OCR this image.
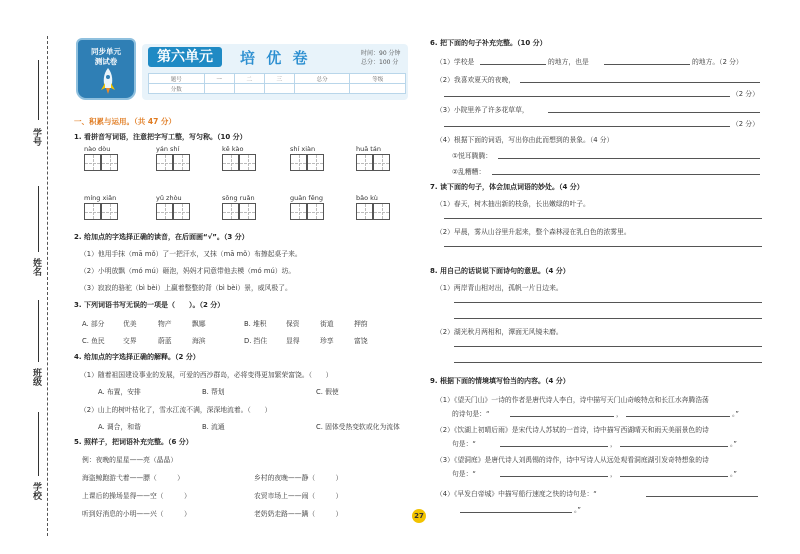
学号
姓名
班级
学校
同步单元
测试卷	第六单元	培 优 卷	时间：90 分钟
总分：100 分
题号	一	二	三	总分	等级
分数					
一、积累与运用。（共 47 分）
1. 看拼音写词语，注意把字写工整，写匀称。（10 分）
nào dòu	yán shí	kē kào	shí xiàn	huā tán
míng xiǎn	yǔ zhòu	sōng ruǎn	guān fēng	bǎo kù
2. 给加点的字选择正确的读音，在后面画“√”。（3 分）
（1）他用手抹（mā mǒ）了一把汗水，又抹（mā mǒ）布擦起桌子来。
（2）小明放飘（mó mú）砸泡，妈妈才同意带他去模（mó mú）坊。
（3）寂寂的骆驼（bì bèi）上赢着整整的背（bì bèi）景，威风极了。
3. 下列词语书写无误的一项是（　　）。（2 分）
A. 部分	优美	物产	飘娜	B. 堆积	保资	街道	押韵
C. 鱼民	交界	蔚蓝	海滨	D. 挡住	显得	珍享	富饶
4. 给加点的字选择正确的解释。（2 分）
（1）随着祖国建设事业的发展，可爱的西沙群岛，必将变得更加繁荣富饶。（　　）
A. 布置，安排	B. 帮划	C. 假使
（2）山上的树叶枯化了，雪水江流不满，深深地流着。（　　）
A. 调合，和谐	B. 流通	C. 固体受热变软或化为流体
5. 照样子，把词语补充完整。（6 分）
例：夜晚的星星——亮（晶晶）
海盗鲸跑游弋着——膘（　　　）	乡村的夜晚——静（　　　）
上课后的操场显得——空（　　　）	农贸市场上——闹（　　　）
听到好消息的小明——兴（　　　）	老奶奶走路——蹒（　　　）
6. 把下面的句子补充完整。（10 分）
（1）学校是	的地方，也是	的地方。（2 分）
（2）我喜欢夏天的夜晚，
（2 分）
（3）小院里养了许多花草草，
（2 分）
（4）根据下面的词语，写出你由此而想到的景象。（4 分）
①悦耳腾腾：
②乱糟糟：
7. 读下面的句子，体会加点词语的妙处。（4 分）
（1）春天，树木抽出新的枝条，长出嫩绿的叶子。
（2）早晨，雾从山谷里升起来，整个森林浸在乳白色的浓雾里。
8. 用自己的话说说下面诗句的意思。（4 分）
（1）两岸青山相对出，孤帆一片日边来。
（2）湖光秋月两相和，潭面无风镜未磨。
9. 根据下面的情境填写恰当的内容。（4 分）
（1）《望天门山》一诗的作者是唐代诗人李白，诗中描写天门山奇峻特点和长江水奔腾浩荡
的诗句是：“	，	。”
（2）《饮湖上初晴后雨》是宋代诗人苏轼的一首诗，诗中描写西湖晴天和雨天美丽景色的诗
句是：“	，	。”
（3）《望洞庭》是唐代诗人刘禹锡的诗作，诗中写诗人从远处观看洞庭湖引发奇特想象的诗
句是：“	，	。”
（4）《早发白帝城》中描写船行速度之快的诗句是：“
。”
27
